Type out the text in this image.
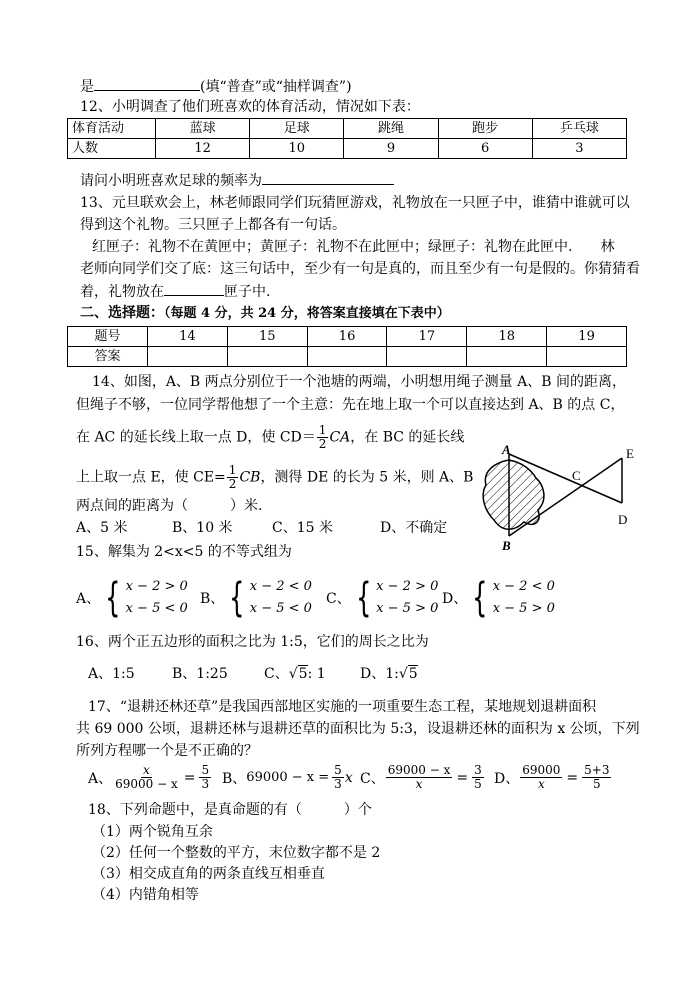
是	(填“普查”或“抽样调查”)
12、小明调查了他们班喜欢的体育活动，情况如下表：
体育活动	蓝球	足球	跳绳	跑步	乒乓球
人数	12	10	9	6	3
请问小明班喜欢足球的频率为
13、元旦联欢会上，林老师跟同学们玩猜匣游戏，礼物放在一只匣子中，谁猜中谁就可以
得到这个礼物。三只匣子上都各有一句话。
红匣子：礼物不在黄匣中；黄匣子：礼物不在此匣中；绿匣子：礼物在此匣中.　　林
老师向同学们交了底：这三句话中，至少有一句是真的，而且至少有一句是假的。你猜猜看
着，礼物放在	匣子中.
二、选择题：（每题 4 分，共 24 分，将答案直接填在下表中）
题号	14	15	16	17	18	19
答案						
14、如图，A、B 两点分别位于一个池塘的两端，小明想用绳子测量 A、B 间的距离，
但绳子不够，一位同学帮他想了一个主意：先在地上取一个可以直接达到 A、B 的点 C，
在 AC 的延长线上取一点 D，使 $CD= \frac{1}{2}$ CA，在 BC 的延长线
上上取一点 E，使 $CE= \frac{1}{2}$ CB，测得 DE 的长为 5 米，则 A、B
两点间的距离为（　　　）米.
A、5 米	B、10 米	C、15 米	D、不确定
A
B
C
E
D
15、解集为 2<x<5 的不等式组为
A、 { x − 2 > 0
x − 5 < 0
B、 { x − 2 < 0
x − 5 < 0
C、 { x − 2 > 0
x − 5 > 0
D、 { x − 2 < 0
x − 5 > 0
16、两个正五边形的面积之比为 1:5，它们的周长之比为
A、1:5	B、1:25	C、√5: 1 D、1:√5
17、“退耕还林还草”是我国西部地区实施的一项重要生态工程，某地规划退耕面积
共 69 000 公顷，退耕还林与退耕还草的面积比为 5:3，设退耕还林的面积为 x 公顷，下列
所列方程哪一个是不正确的？
A、 $\frac{x}{69000 - x} = \frac{5}{3}$ B、 $69000 - x = \frac{5}{3}$ x C、 $\frac{69000 - x}{x} = \frac{3}{5}$ D、 $\frac{69000}{x} = \frac{5+3}{5}$
18、下列命题中，是真命题的有（　　　）个
（1）两个锐角互余
（2）任何一个整数的平方，末位数字都不是 2
（3）相交成直角的两条直线互相垂直
（4）内错角相等
